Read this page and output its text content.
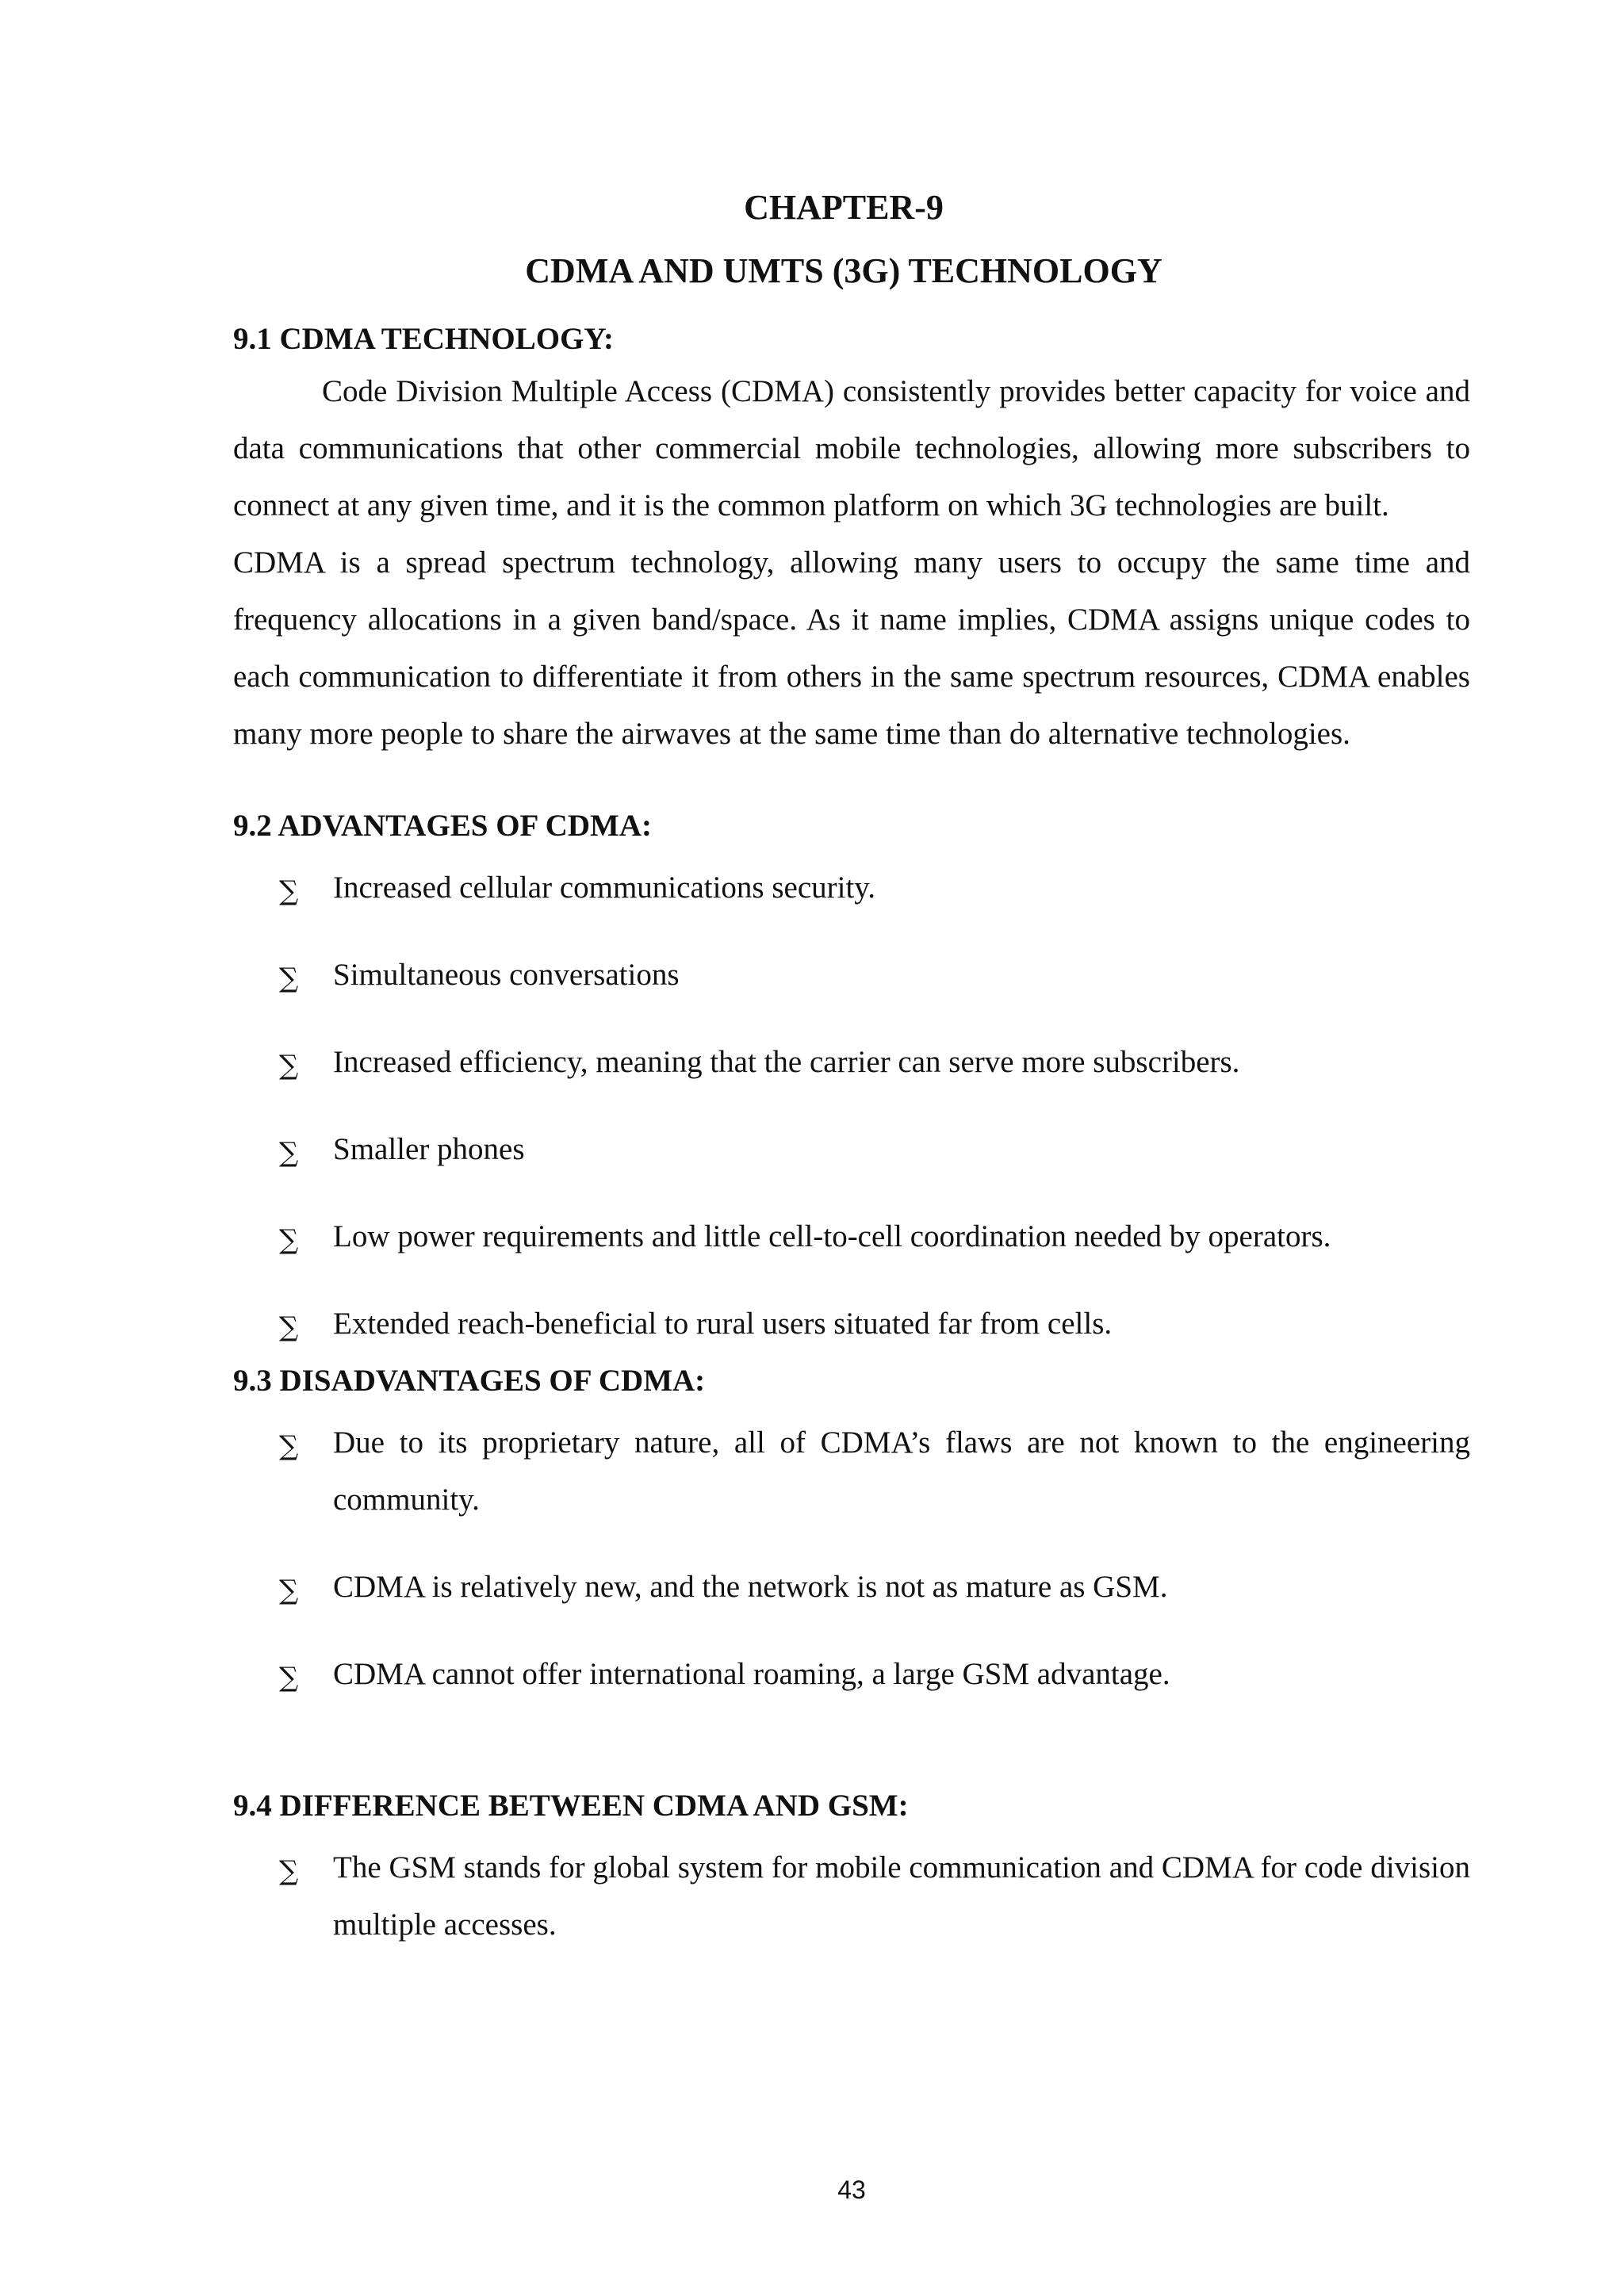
CHAPTER-9
CDMA AND UMTS (3G) TECHNOLOGY
9.1 CDMA TECHNOLOGY:

Code Division Multiple Access (CDMA) consistently provides better capacity for voice and data communications that other commercial mobile technologies, allowing more subscribers to connect at any given time, and it is the common platform on which 3G technologies are built.

CDMA is a spread spectrum technology, allowing many users to occupy the same time and frequency allocations in a given band/space. As it name implies, CDMA assigns unique codes to each communication to differentiate it from others in the same spectrum resources, CDMA enables many more people to share the airwaves at the same time than do alternative technologies.

9.2 ADVANTAGES OF CDMA:
∑ Increased cellular communications security.
∑ Simultaneous conversations
∑ Increased efficiency, meaning that the carrier can serve more subscribers.
∑ Smaller phones
∑ Low power requirements and little cell-to-cell coordination needed by operators.
∑ Extended reach-beneficial to rural users situated far from cells.
9.3 DISADVANTAGES OF CDMA:
∑ Due to its proprietary nature, all of CDMA’s flaws are not known to the engineering community.
∑ CDMA is relatively new, and the network is not as mature as GSM.
∑ CDMA cannot offer international roaming, a large GSM advantage.
9.4 DIFFERENCE BETWEEN CDMA AND GSM:
∑ The GSM stands for global system for mobile communication and CDMA for code division multiple accesses.
43
